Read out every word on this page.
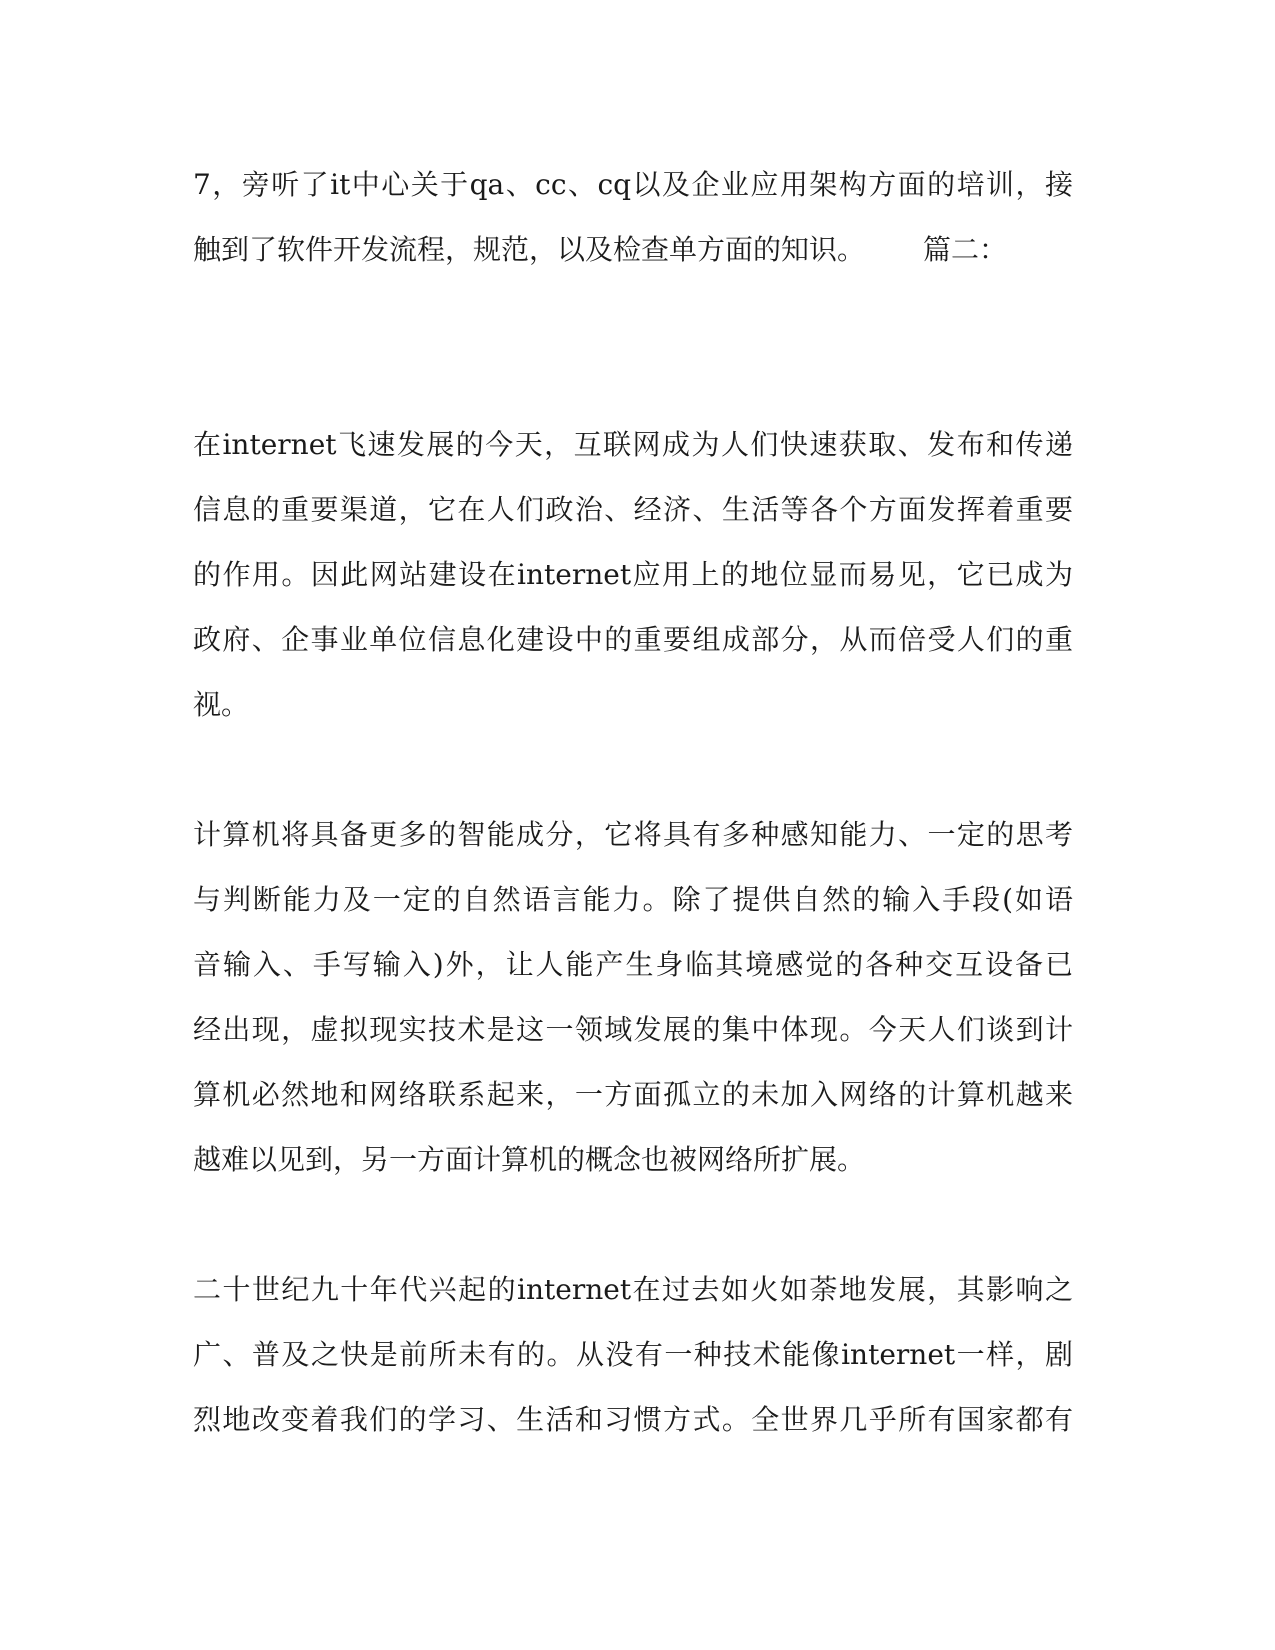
7，旁听了it中心关于qa、cc、cq以及企业应用架构方面的培训，接
触到了软件开发流程，规范，以及检查单方面的知识。 篇二：
在internet飞速发展的今天，互联网成为人们快速获取、发布和传递
信息的重要渠道，它在人们政治、经济、生活等各个方面发挥着重要
的作用。因此网站建设在internet应用上的地位显而易见，它已成为
政府、企事业单位信息化建设中的重要组成部分，从而倍受人们的重
视。
计算机将具备更多的智能成分，它将具有多种感知能力、一定的思考
与判断能力及一定的自然语言能力。除了提供自然的输入手段(如语
音输入、手写输入)外，让人能产生身临其境感觉的各种交互设备已
经出现，虚拟现实技术是这一领域发展的集中体现。今天人们谈到计
算机必然地和网络联系起来，一方面孤立的未加入网络的计算机越来
越难以见到，另一方面计算机的概念也被网络所扩展。
二十世纪九十年代兴起的internet在过去如火如荼地发展，其影响之
广、普及之快是前所未有的。从没有一种技术能像internet一样，剧
烈地改变着我们的学习、生活和习惯方式。全世界几乎所有国家都有
